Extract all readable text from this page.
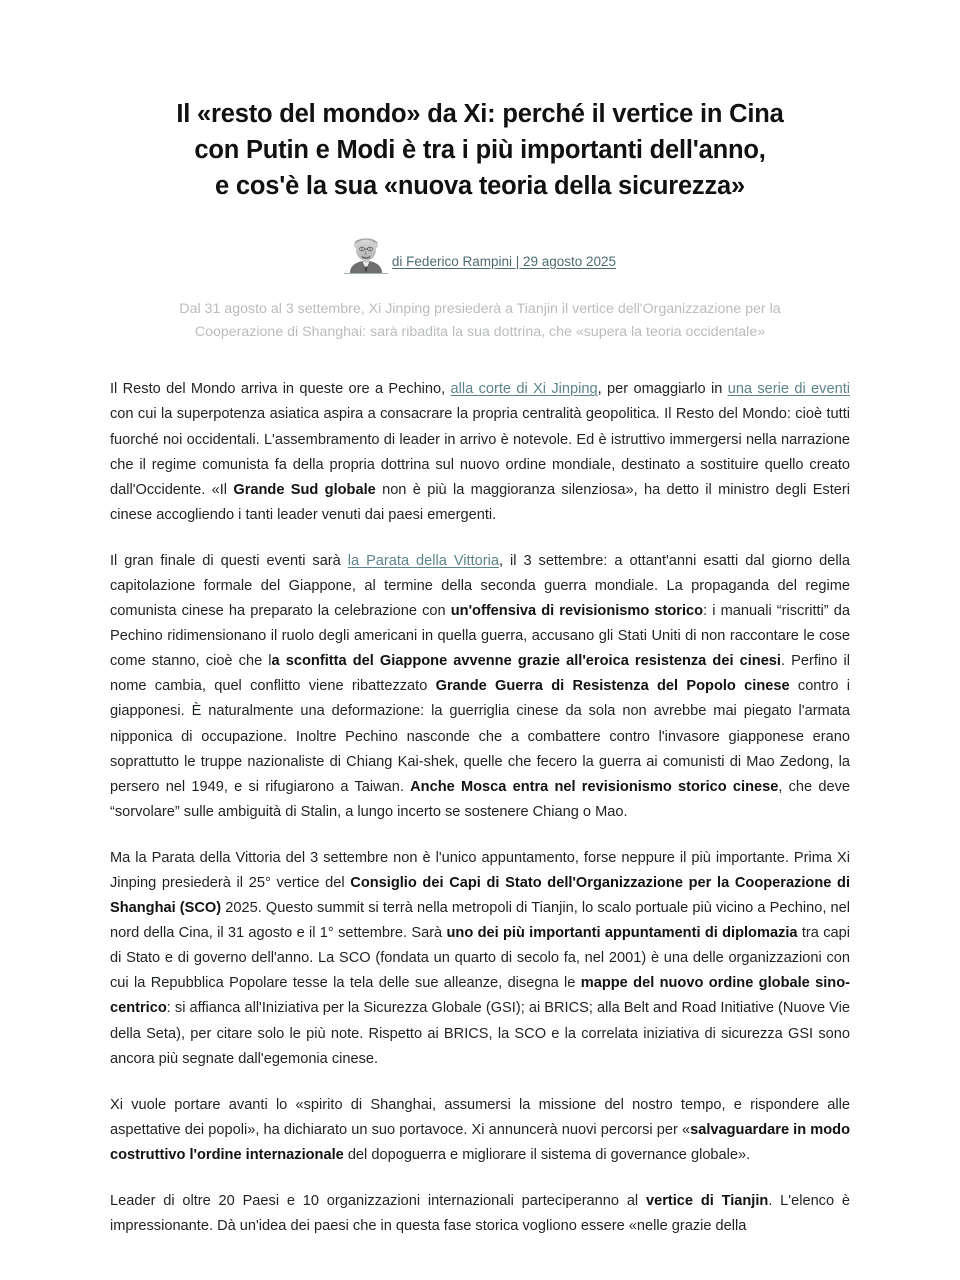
Il «resto del mondo» da Xi: perché il vertice in Cina
con Putin e Modi è tra i più importanti dell'anno,
e cos'è la sua «nuova teoria della sicurezza»
di Federico Rampini | 29 agosto 2025

Dal 31 agosto al 3 settembre, Xi Jinping presiederà a Tianjin il vertice dell'Organizzazione per la Cooperazione di Shanghai: sarà ribadita la sua dottrina, che «supera la teoria occidentale»

Il Resto del Mondo arriva in queste ore a Pechino, alla corte di Xi Jinping, per omaggiarlo in una serie di eventi con cui la superpotenza asiatica aspira a consacrare la propria centralità geopolitica. Il Resto del Mondo: cioè tutti fuorché noi occidentali. L'assembramento di leader in arrivo è notevole. Ed è istruttivo immergersi nella narrazione che il regime comunista fa della propria dottrina sul nuovo ordine mondiale, destinato a sostituire quello creato dall'Occidente. «Il Grande Sud globale non è più la maggioranza silenziosa», ha detto il ministro degli Esteri cinese accogliendo i tanti leader venuti dai paesi emergenti.

Il gran finale di questi eventi sarà la Parata della Vittoria, il 3 settembre: a ottant'anni esatti dal giorno della capitolazione formale del Giappone, al termine della seconda guerra mondiale. La propaganda del regime comunista cinese ha preparato la celebrazione con un'offensiva di revisionismo storico: i manuali “riscritti” da Pechino ridimensionano il ruolo degli americani in quella guerra, accusano gli Stati Uniti di non raccontare le cose come stanno, cioè che la sconfitta del Giappone avvenne grazie all'eroica resistenza dei cinesi. Perfino il nome cambia, quel conflitto viene ribattezzato Grande Guerra di Resistenza del Popolo cinese contro i giapponesi. È naturalmente una deformazione: la guerriglia cinese da sola non avrebbe mai piegato l'armata nipponica di occupazione. Inoltre Pechino nasconde che a combattere contro l'invasore giapponese erano soprattutto le truppe nazionaliste di Chiang Kai-shek, quelle che fecero la guerra ai comunisti di Mao Zedong, la persero nel 1949, e si rifugiarono a Taiwan. Anche Mosca entra nel revisionismo storico cinese, che deve “sorvolare” sulle ambiguità di Stalin, a lungo incerto se sostenere Chiang o Mao.

Ma la Parata della Vittoria del 3 settembre non è l'unico appuntamento, forse neppure il più importante. Prima Xi Jinping presiederà il 25° vertice del Consiglio dei Capi di Stato dell'Organizzazione per la Cooperazione di Shanghai (SCO) 2025. Questo summit si terrà nella metropoli di Tianjin, lo scalo portuale più vicino a Pechino, nel nord della Cina, il 31 agosto e il 1° settembre. Sarà uno dei più importanti appuntamenti di diplomazia tra capi di Stato e di governo dell'anno. La SCO (fondata un quarto di secolo fa, nel 2001) è una delle organizzazioni con cui la Repubblica Popolare tesse la tela delle sue alleanze, disegna le mappe del nuovo ordine globale sino-centrico: si affianca all'Iniziativa per la Sicurezza Globale (GSI); ai BRICS; alla Belt and Road Initiative (Nuove Vie della Seta), per citare solo le più note. Rispetto ai BRICS, la SCO e la correlata iniziativa di sicurezza GSI sono ancora più segnate dall'egemonia cinese.

Xi vuole portare avanti lo «spirito di Shanghai, assumersi la missione del nostro tempo, e rispondere alle aspettative dei popoli», ha dichiarato un suo portavoce. Xi annuncerà nuovi percorsi per «salvaguardare in modo costruttivo l'ordine internazionale del dopoguerra e migliorare il sistema di governance globale».

Leader di oltre 20 Paesi e 10 organizzazioni internazionali parteciperanno al vertice di Tianjin. L'elenco è impressionante. Dà un'idea dei paesi che in questa fase storica vogliono essere «nelle grazie della
